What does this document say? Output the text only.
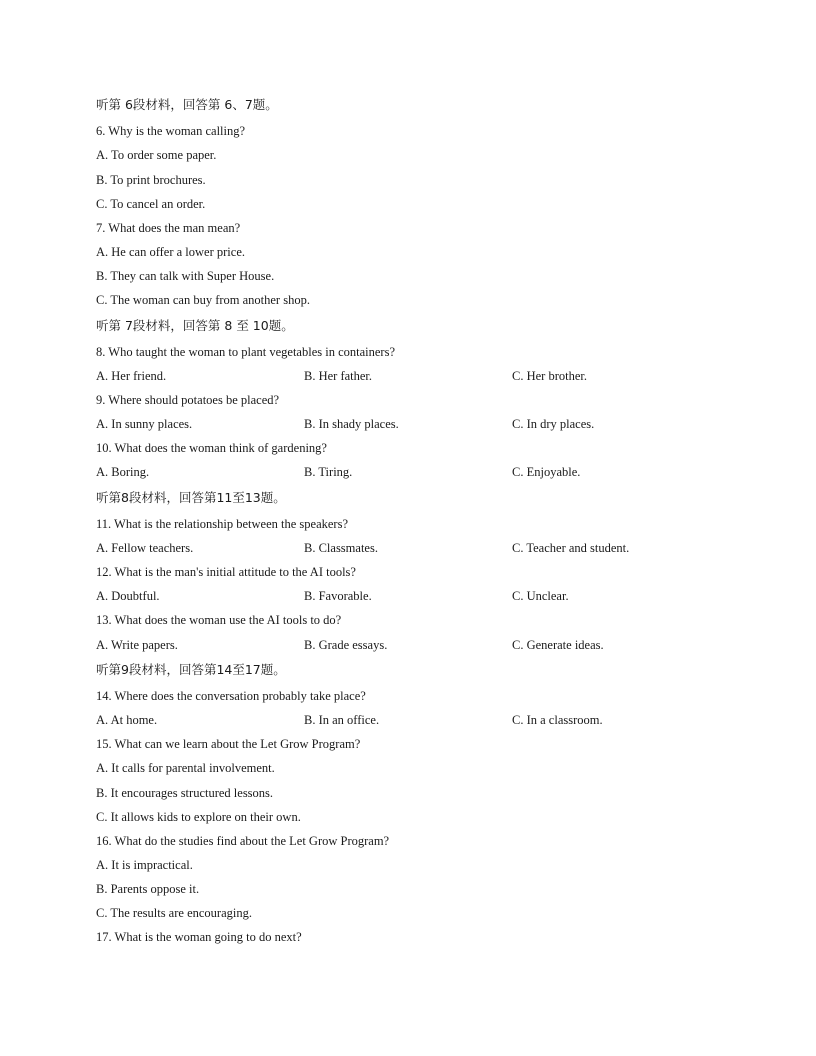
听第 6段材料，回答第 6、7题。
6. Why is the woman calling?
A. To order some paper.
B. To print brochures.
C. To cancel an order.
7. What does the man mean?
A. He can offer a lower price.
B. They can talk with Super House.
C. The woman can buy from another shop.
听第 7段材料，回答第 8 至 10题。
8. Who taught the woman to plant vegetables in containers?
A. Her friend.	B. Her father.	C. Her brother.
9. Where should potatoes be placed?
A. In sunny places.	B. In shady places.	C. In dry places.
10. What does the woman think of gardening?
A. Boring.	B. Tiring.	C. Enjoyable.
听第8段材料，回答第11至13题。
11. What is the relationship between the speakers?
A. Fellow teachers.	B. Classmates.	C. Teacher and student.
12. What is the man's initial attitude to the AI tools?
A. Doubtful.	B. Favorable.	C. Unclear.
13. What does the woman use the AI tools to do?
A. Write papers.	B. Grade essays.	C. Generate ideas.
听第9段材料，回答第14至17题。
14. Where does the conversation probably take place?
A. At home.	B. In an office.	C. In a classroom.
15. What can we learn about the Let Grow Program?
A. It calls for parental involvement.
B. It encourages structured lessons.
C. It allows kids to explore on their own.
16. What do the studies find about the Let Grow Program?
A. It is impractical.
B. Parents oppose it.
C. The results are encouraging.
17. What is the woman going to do next?
